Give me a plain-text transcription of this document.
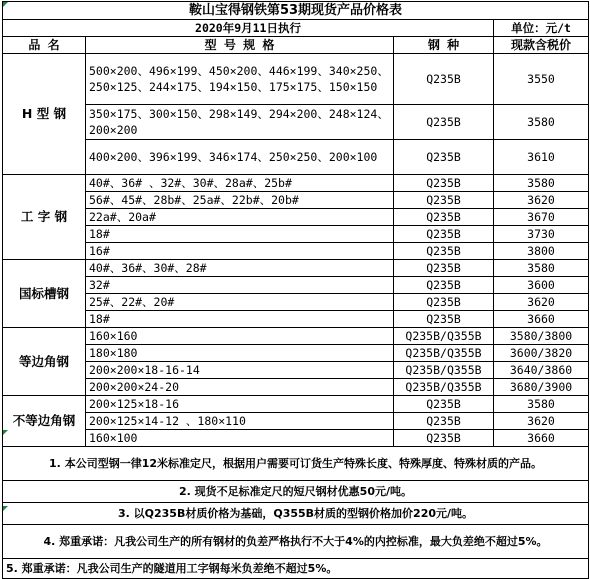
鞍山宝得钢铁第53期现货产品价格表			
2020年9月11日执行			单位：元/t
品 名	型 号 规 格	钢 种	现款含税价
H 型 钢	500×200、496×199、450×200、446×199、340×250、250×125、244×175、194×150、175×175、150×150	Q235B	3550
	350×175、300×150、298×149、294×200、248×124、200×200	Q235B	3580
	400×200、396×199、346×174、250×250、200×100	Q235B	3610
工 字 钢	40#、36# 、32#、30#、28a#、25b#	Q235B	3580
	56#、45#、28b#、25a#、22b#、20b#	Q235B	3620
	22a#、20a#	Q235B	3670
	18#	Q235B	3730
	16#	Q235B	3800
国标槽钢	40#、36#、30#、28#	Q235B	3580
	32#	Q235B	3600
	25#、22#、20#	Q235B	3620
	18#	Q235B	3660
等边角钢	160×160	Q235B/Q355B	3580/3800
	180×180	Q235B/Q355B	3600/3820
	200×200×18-16-14	Q235B/Q355B	3640/3860
	200×200×24-20	Q235B/Q355B	3680/3900
不等边角钢	200×125×18-16	Q235B	3580
	200×125×14-12 、180×110	Q235B	3620
	160×100	Q235B	3660
1. 本公司型钢一律12米标准定尺，根据用户需要可订货生产特殊长度、特殊厚度、特殊材质的产品。			
2. 现货不足标准定尺的短尺钢材优惠50元/吨。			
3. 以Q235B材质价格为基础，Q355B材质的型钢价格加价220元/吨。			
4. 郑重承诺：凡我公司生产的所有钢材的负差严格执行不大于4%的内控标准，最大负差绝不超过5%。			
5. 郑重承诺：凡我公司生产的隧道用工字钢每米负差绝不超过5%。			
